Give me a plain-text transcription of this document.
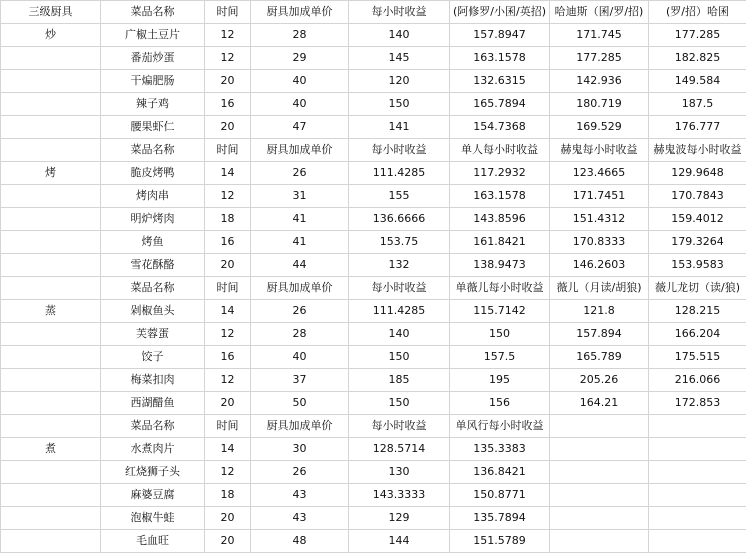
三级厨具	菜品名称	时间	厨具加成单价	每小时收益	(阿修罗/小囷/英招)	哈迪斯（囷/罗/招)	(罗/招）哈囷
炒	广椒土豆片	12	28	140	157.8947	171.745	177.285
	番茄炒蛋	12	29	145	163.1578	177.285	182.825
	干煸肥肠	20	40	120	132.6315	142.936	149.584
	辣子鸡	16	40	150	165.7894	180.719	187.5
	腰果虾仁	20	47	141	154.7368	169.529	176.777
	菜品名称	时间	厨具加成单价	每小时收益	单人每小时收益	赫鬼每小时收益	赫鬼波每小时收益
烤	脆皮烤鸭	14	26	111.4285	117.2932	123.4665	129.9648
	烤肉串	12	31	155	163.1578	171.7451	170.7843
	明炉烤肉	18	41	136.6666	143.8596	151.4312	159.4012
	烤鱼	16	41	153.75	161.8421	170.8333	179.3264
	雪花酥酪	20	44	132	138.9473	146.2603	153.9583
	菜品名称	时间	厨具加成单价	每小时收益	单薇儿每小时收益	薇儿（月读/胡狼)	薇儿龙切（读/狼)
蒸	剁椒鱼头	14	26	111.4285	115.7142	121.8	128.215
	芙蓉蛋	12	28	140	150	157.894	166.204
	饺子	16	40	150	157.5	165.789	175.515
	梅菜扣肉	12	37	185	195	205.26	216.066
	西湖醋鱼	20	50	150	156	164.21	172.853
	菜品名称	时间	厨具加成单价	每小时收益	单风行每小时收益		
煮	水煮肉片	14	30	128.5714	135.3383		
	红烧狮子头	12	26	130	136.8421		
	麻婆豆腐	18	43	143.3333	150.8771		
	泡椒牛蛙	20	43	129	135.7894		
	毛血旺	20	48	144	151.5789		
